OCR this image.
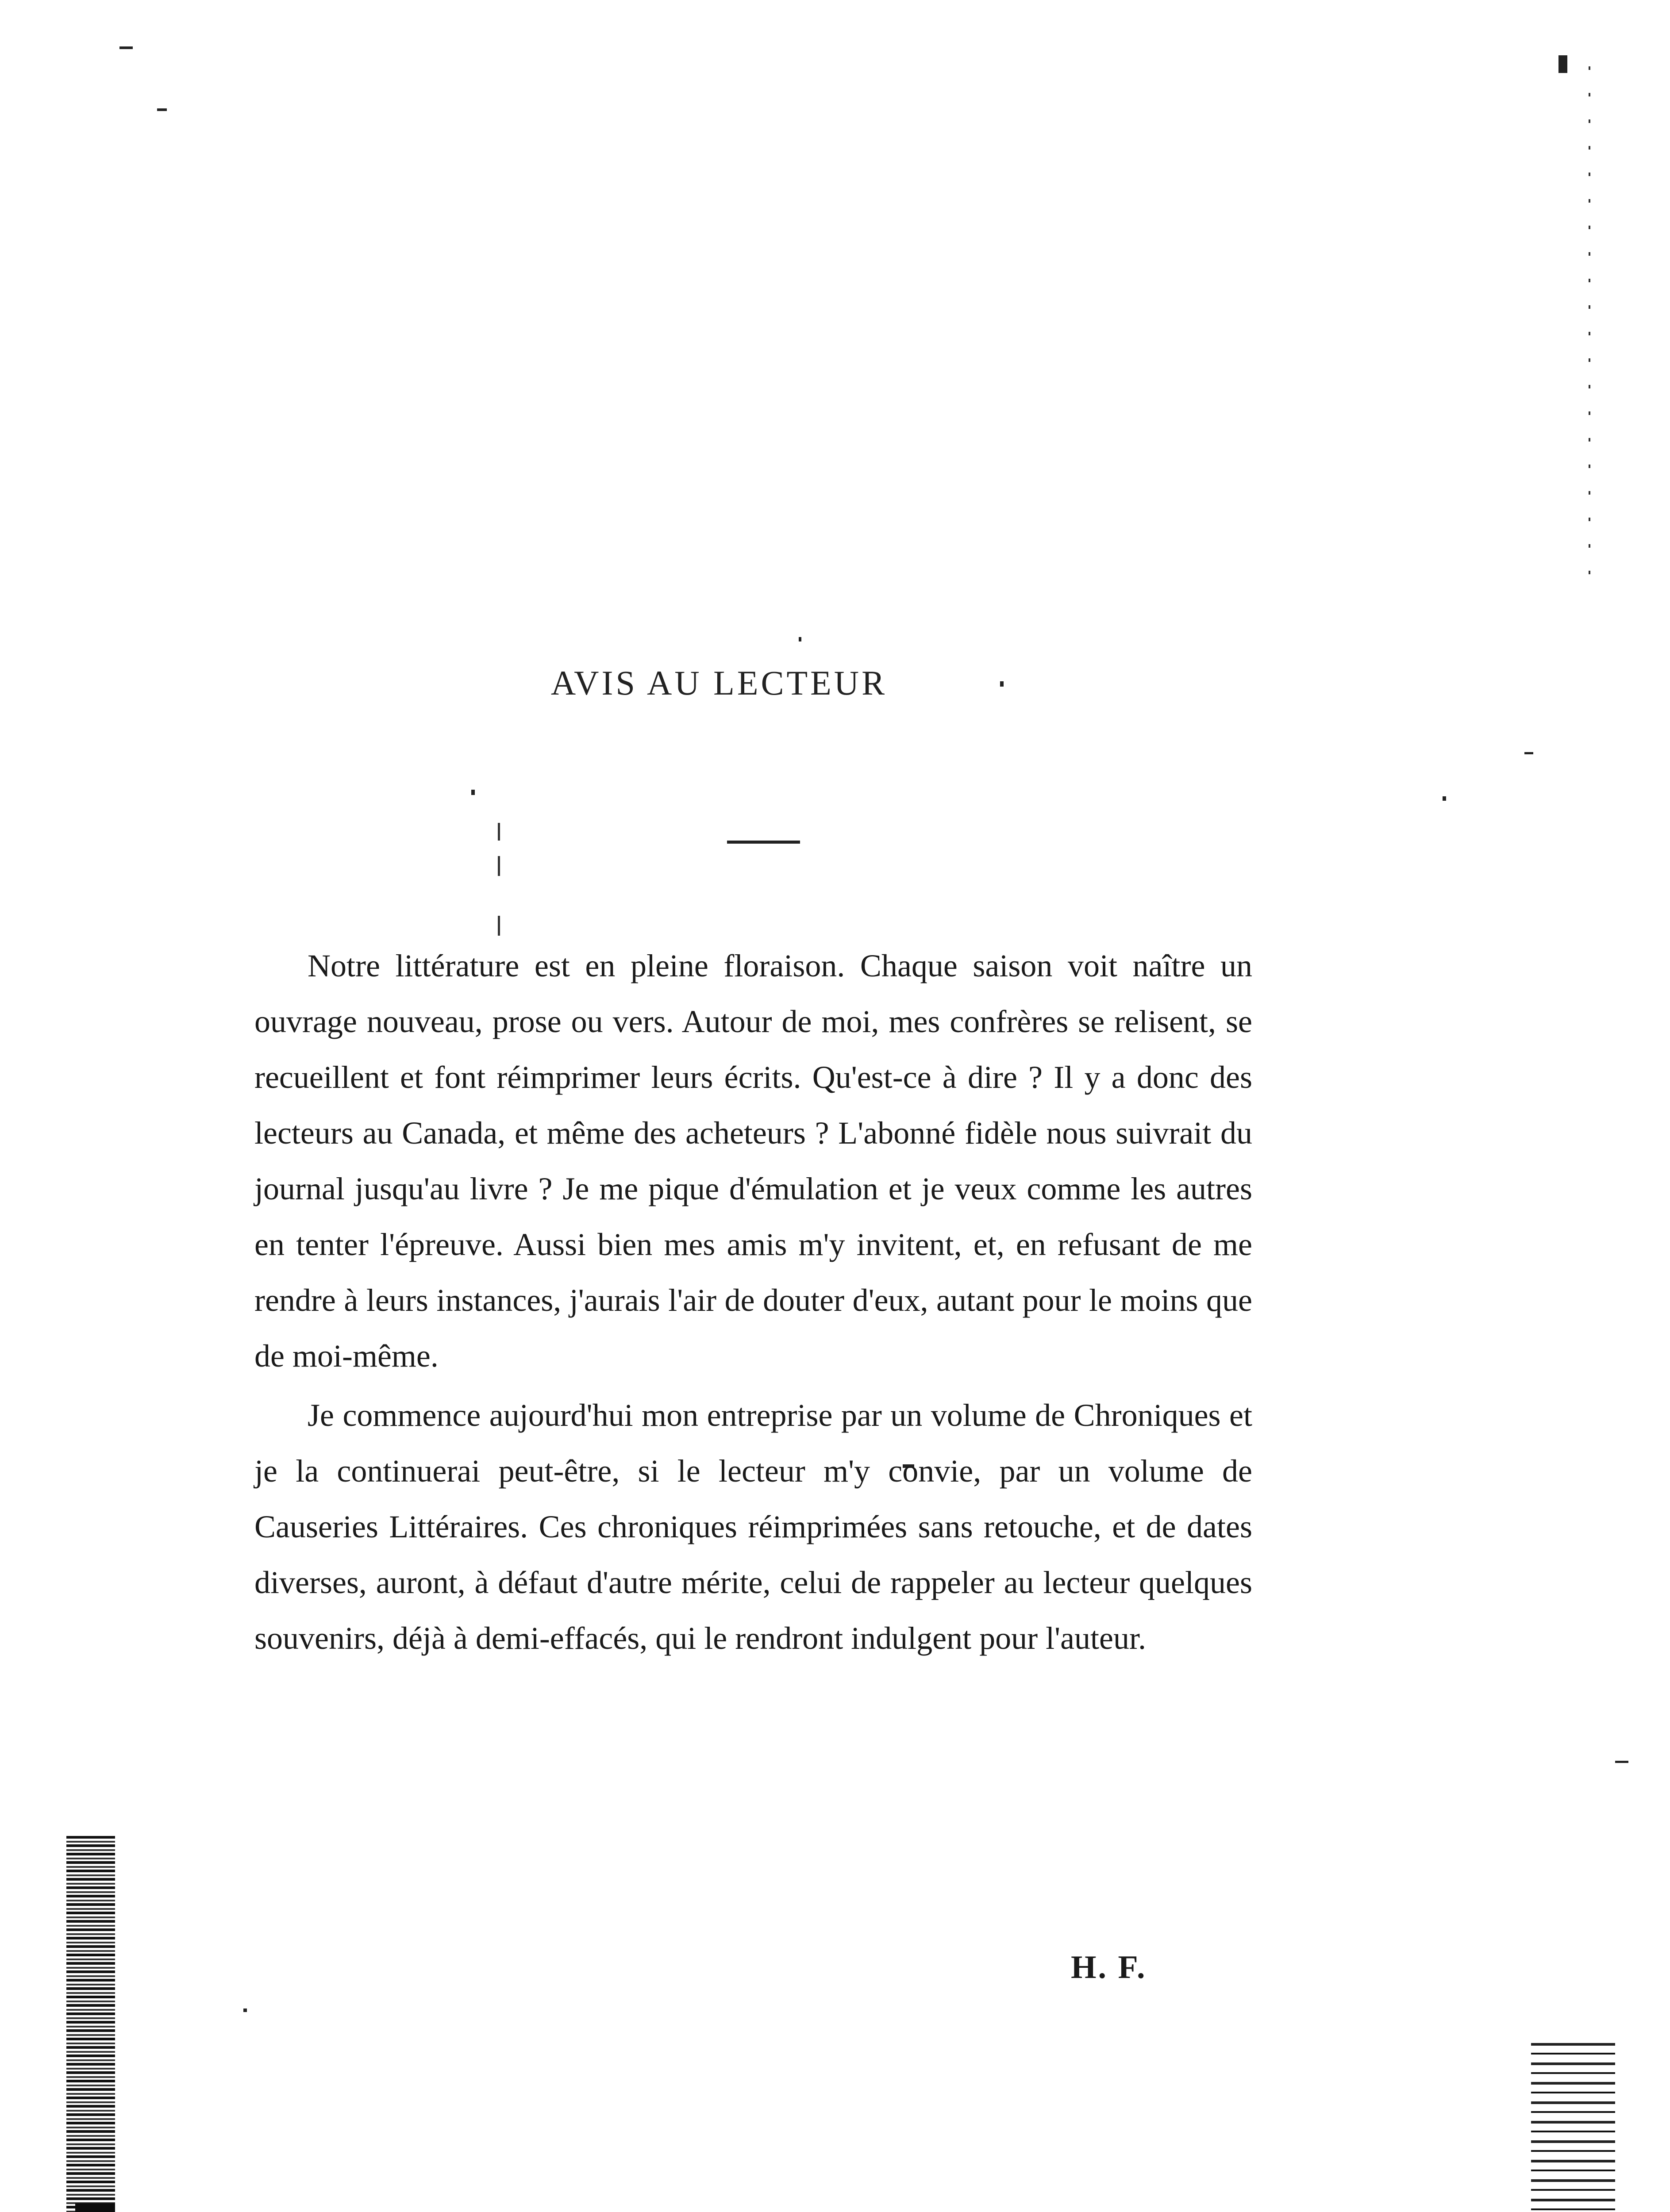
AVIS AU LECTEUR

Notre littérature est en pleine floraison. Chaque saison voit naître un ouvrage nouveau, prose ou vers. Autour de moi, mes confrères se relisent, se recueillent et font réimprimer leurs écrits. Qu'est-ce à dire ? Il y a donc des lecteurs au Canada, et même des acheteurs ? L'abonné fidèle nous suivrait du journal jusqu'au livre ? Je me pique d'émulation et je veux comme les autres en tenter l'épreuve. Aussi bien mes amis m'y invitent, et, en refusant de me rendre à leurs instances, j'aurais l'air de douter d'eux, autant pour le moins que de moi-même.

Je commence aujourd'hui mon entreprise par un volume de Chroniques et je la continuerai peut-être, si le lecteur m'y convie, par un volume de Causeries Littéraires. Ces chroniques réimprimées sans retouche, et de dates diverses, auront, à défaut d'autre mérite, celui de rappeler au lecteur quelques souvenirs, déjà à demi-effacés, qui le rendront indulgent pour l'auteur.

H. F.
